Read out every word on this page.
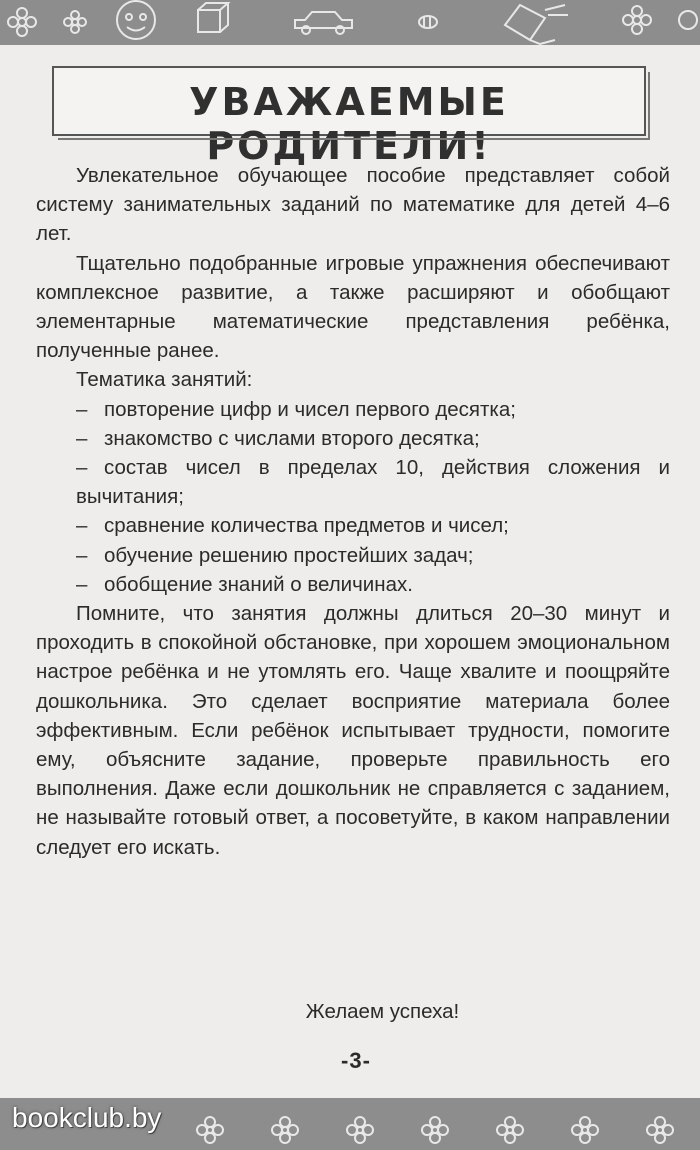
УВАЖАЕМЫЕ РОДИТЕЛИ!

Увлекательное обучающее пособие представляет собой систему занимательных заданий по математике для детей 4–6 лет.

Тщательно подобранные игровые упражнения обеспечивают комплексное развитие, а также расширяют и обобщают элементарные математические представления ребёнка, полученные ранее.

Тематика занятий:

– повторение цифр и чисел первого десятка;
– знакомство с числами второго десятка;
– состав чисел в пределах 10, действия сложения и вычитания;
– сравнение количества предметов и чисел;
– обучение решению простейших задач;
– обобщение знаний о величинах.

Помните, что занятия должны длиться 20–30 минут и проходить в спокойной обстановке, при хорошем эмоциональном настрое ребёнка и не утомлять его. Чаще хвалите и поощряйте дошкольника. Это сделает восприятие материала более эффективным. Если ребёнок испытывает трудности, помогите ему, объясните задание, проверьте правильность его выполнения. Даже если дошкольник не справляется с заданием, не называйте готовый ответ, а посоветуйте, в каком направлении следует его искать.

Желаем успеха!
-3-
bookclub.by
